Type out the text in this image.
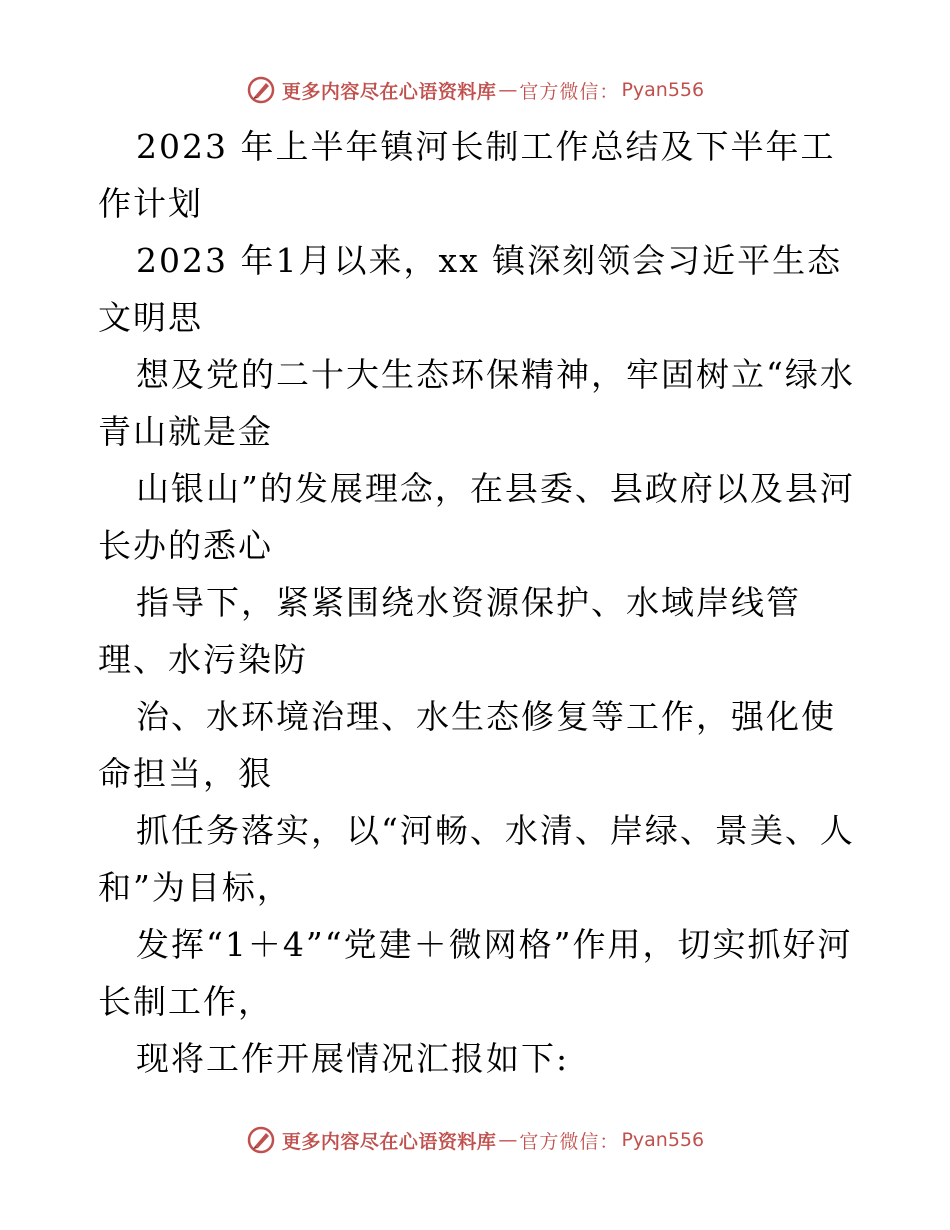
更多内容尽在心语资料库 — 官方微信： Pyan556

2023 年上半年镇河长制工作总结及下半年工作计划

2023 年1月以来，xx 镇深刻领会习近平生态文明思

想及党的二十大生态环保精神，牢固树立“绿水青山就是金

山银山”的发展理念，在县委、县政府以及县河长办的悉心

指导下，紧紧围绕水资源保护、水域岸线管理、水污染防

治、水环境治理、水生态修复等工作，强化使命担当，狠

抓任务落实，以“河畅、水清、岸绿、景美、人和”为目标，

发挥“1＋4”“党建＋微网格”作用，切实抓好河长制工作，

现将工作开展情况汇报如下:

更多内容尽在心语资料库 — 官方微信： Pyan556
